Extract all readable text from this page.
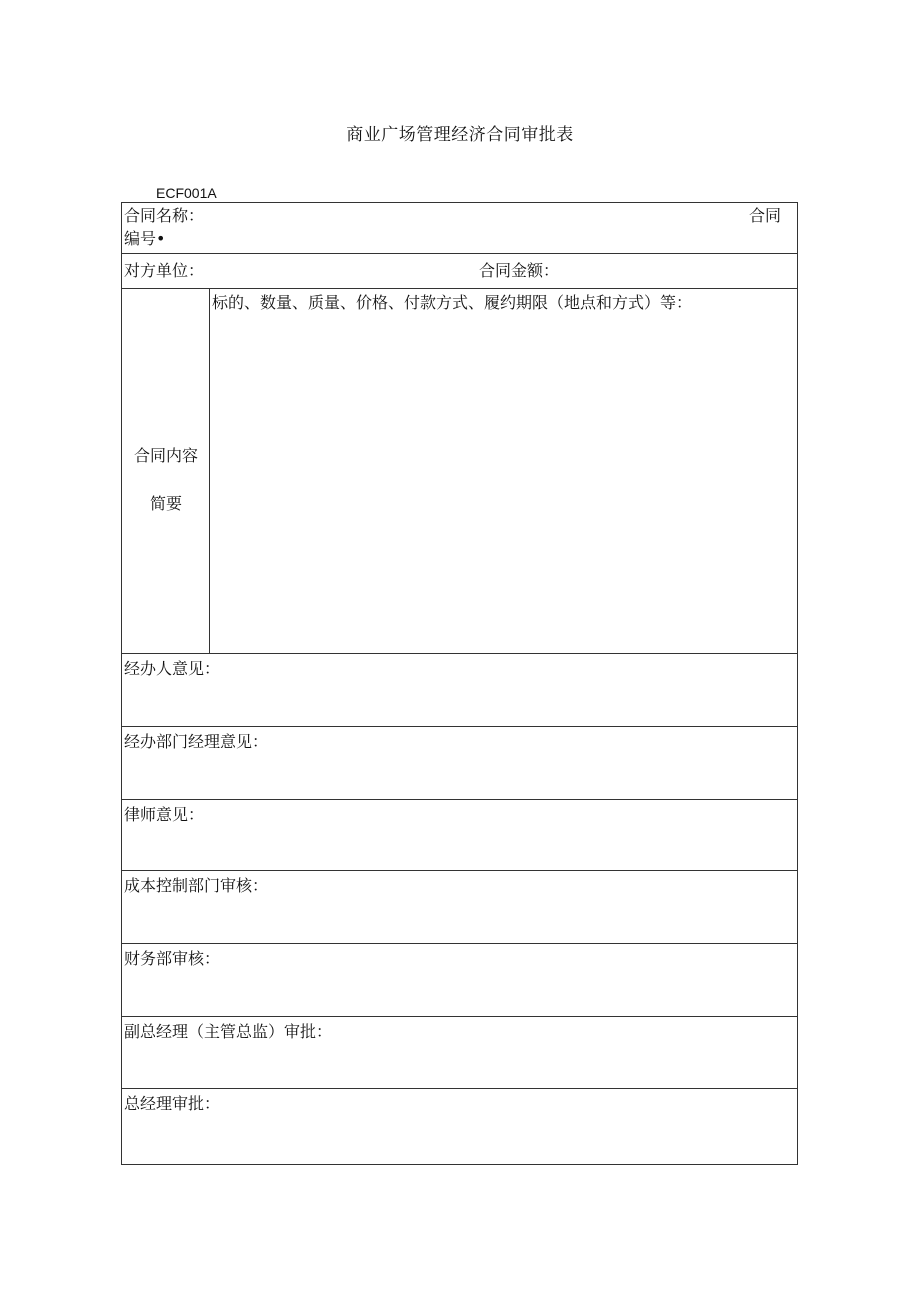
商业广场管理经济合同审批表
ECF001A
合同名称：	合同
编号•
对方单位：	合同金额：
合同内容
简要
标的、数量、质量、价格、付款方式、履约期限（地点和方式）等：
经办人意见：
经办部门经理意见：
律师意见：
成本控制部门审核：
财务部审核：
副总经理（主管总监）审批：
总经理审批：
